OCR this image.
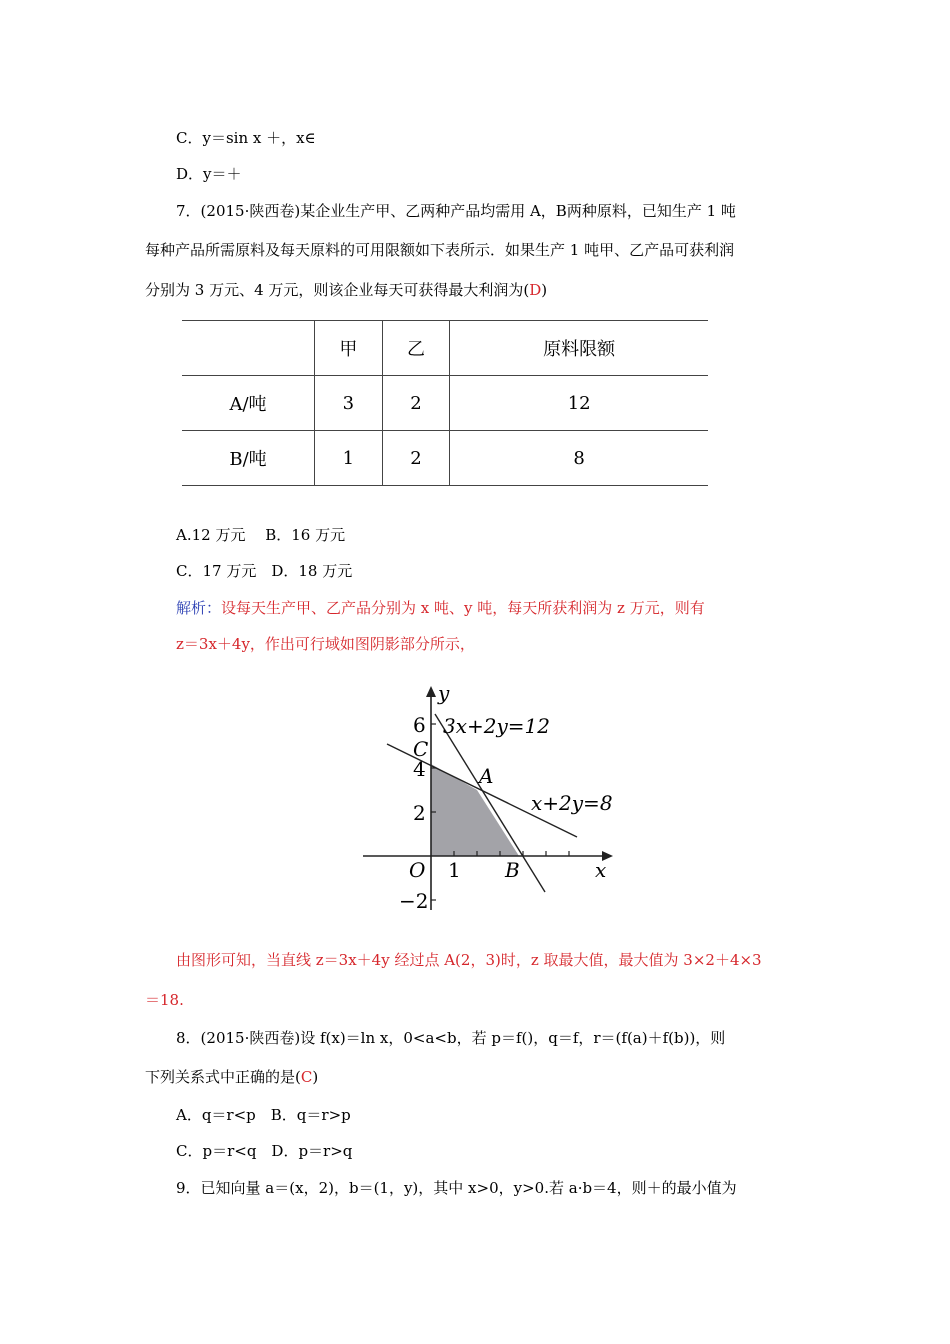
C．y＝sin x ＋，x∈
D．y＝＋
7．(2015·陕西卷)某企业生产甲、乙两种产品均需用 A，B两种原料，已知生产 1 吨
每种产品所需原料及每天原料的可用限额如下表所示．如果生产 1 吨甲、乙产品可获利润
分别为 3 万元、4 万元，则该企业每天可获得最大利润为(D)
	甲	乙	原料限额
A/吨	3	2	12
B/吨	1	2	8
A.12 万元　 B．16 万元
C．17 万元　D．18 万元
解析：设每天生产甲、乙产品分别为 x 吨、y 吨，每天所获利润为 z 万元，则有
z＝3x＋4y，作出可行域如图阴影部分所示，
y
x
6
4
2
−2
1
O
C
A
B
3x+2y=12
x+2y=8
由图形可知，当直线 z＝3x＋4y 经过点 A(2，3)时，z 取最大值，最大值为 3×2＋4×3
＝18.
8．(2015·陕西卷)设 f(x)＝ln x，0<a<b，若 p＝f()，q＝f，r＝(f(a)＋f(b))，则
下列关系式中正确的是(C)
A．q＝r<p　B．q＝r>p
C．p＝r<q　D．p＝r>q
9．已知向量 a＝(x，2)，b＝(1，y)，其中 x>0，y>0.若 a·b＝4，则＋的最小值为
